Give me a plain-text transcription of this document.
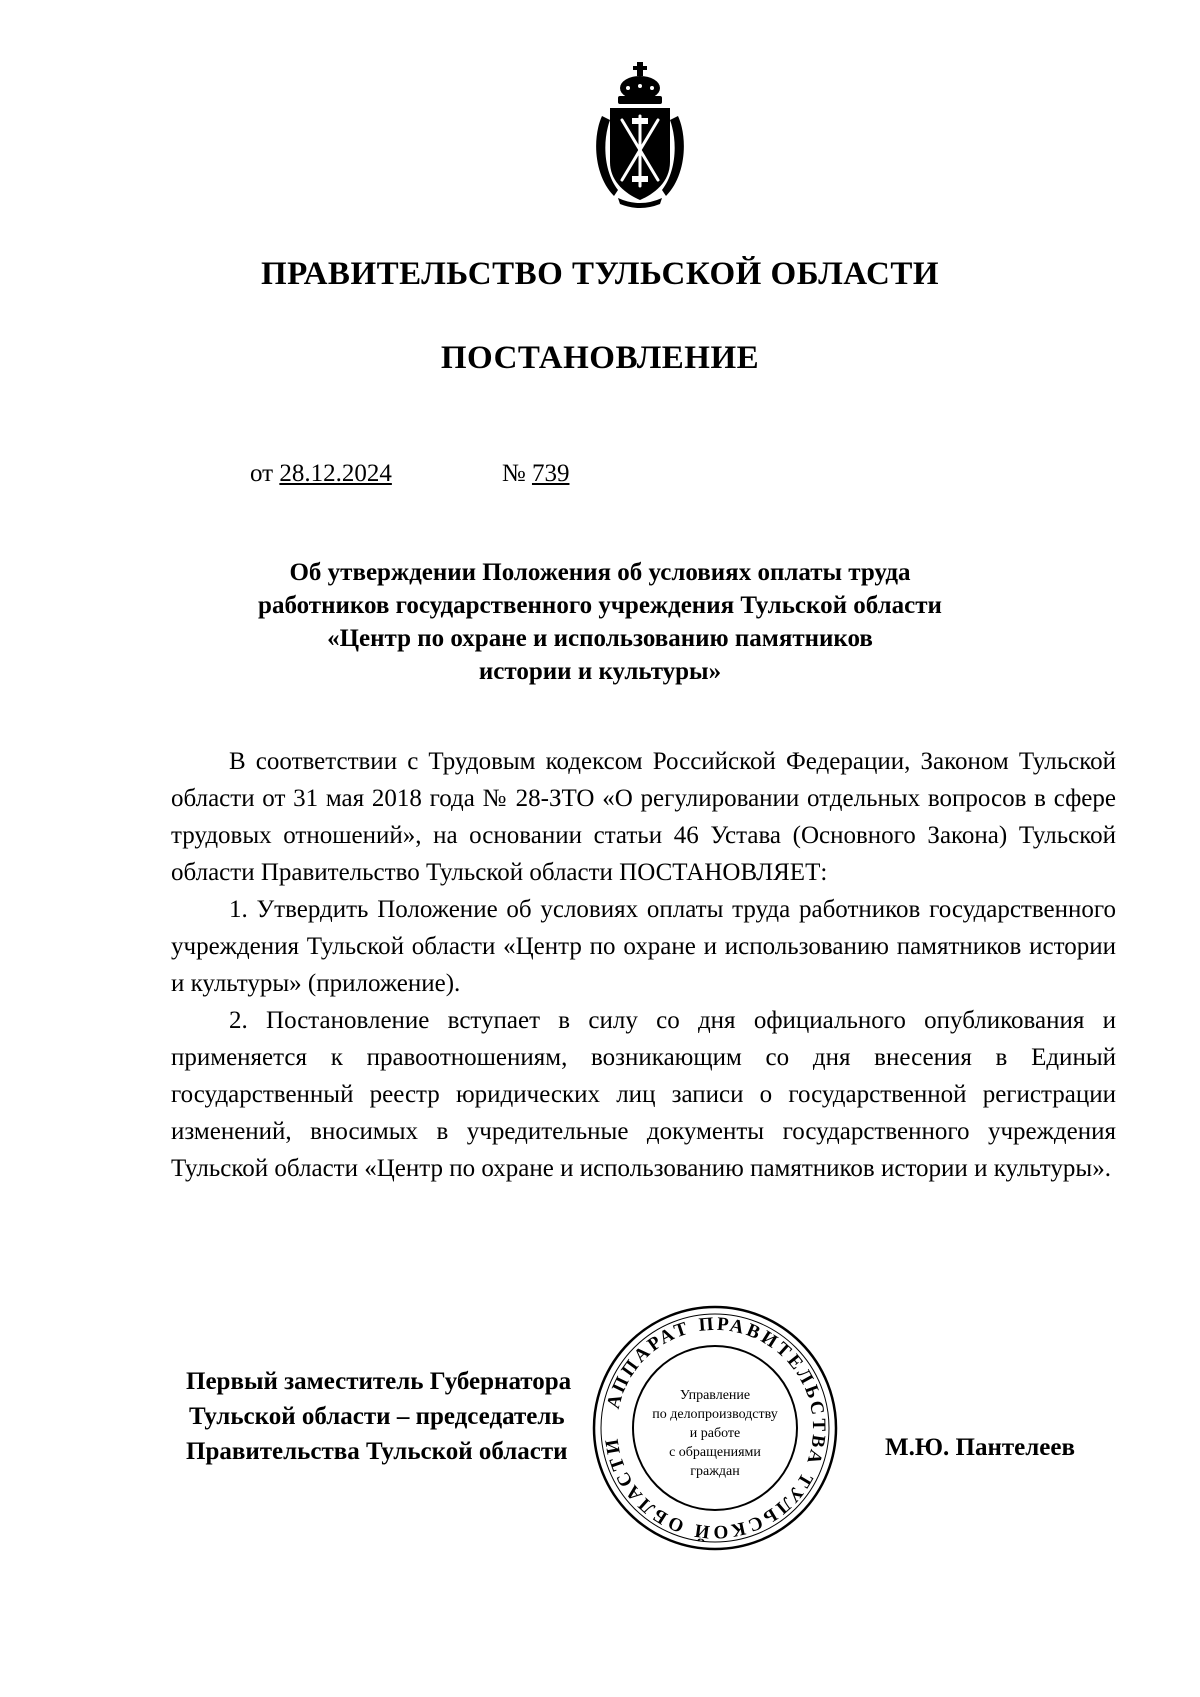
ПРАВИТЕЛЬСТВО ТУЛЬСКОЙ ОБЛАСТИ
ПОСТАНОВЛЕНИЕ
от 28.12.2024	№ 739
Об утверждении Положения об условиях оплаты труда
работников государственного учреждения Тульской области
«Центр по охране и использованию памятников
истории и культуры»

В соответствии с Трудовым кодексом Российской Федерации, Законом Тульской области от 31 мая 2018 года № 28-ЗТО «О регулировании отдельных вопросов в сфере трудовых отношений», на основании статьи 46 Устава (Основного Закона) Тульской области Правительство Тульской области ПОСТАНОВЛЯЕТ:

1. Утвердить Положение об условиях оплаты труда работников государственного учреждения Тульской области «Центр по охране и использованию памятников истории и культуры» (приложение).

2. Постановление вступает в силу со дня официального опубликования и применяется к правоотношениям, возникающим со дня внесения в Единый государственный реестр юридических лиц записи о государственной регистрации изменений, вносимых в учредительные документы государственного учреждения Тульской области «Центр по охране и использованию памятников истории и культуры».

Первый заместитель Губернатора
Тульской области – председатель
Правительства Тульской области	М.Ю. Пантелеев
АППАРАТ ПРАВИТЕЛЬСТВА ТУЛЬСКОЙ ОБЛАСТИ
Управление
по делопроизводству
и работе
с обращениями
граждан
